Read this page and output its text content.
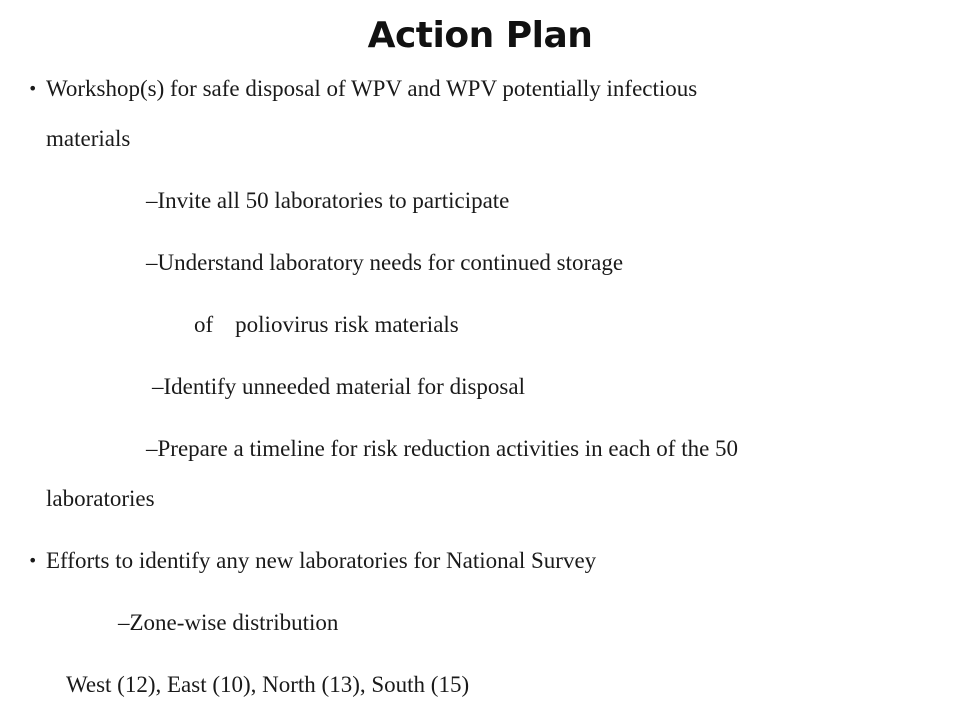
Action Plan
• Workshop(s) for safe disposal of WPV and WPV potentially infectious
materials
–Invite all 50 laboratories to participate
–Understand laboratory needs for continued storage
of poliovirus risk materials
–Identify unneeded material for disposal
–Prepare a timeline for risk reduction activities in each of the 50
laboratories
• Efforts to identify any new laboratories for National Survey
–Zone-wise distribution
West (12), East (10), North (13), South (15)
